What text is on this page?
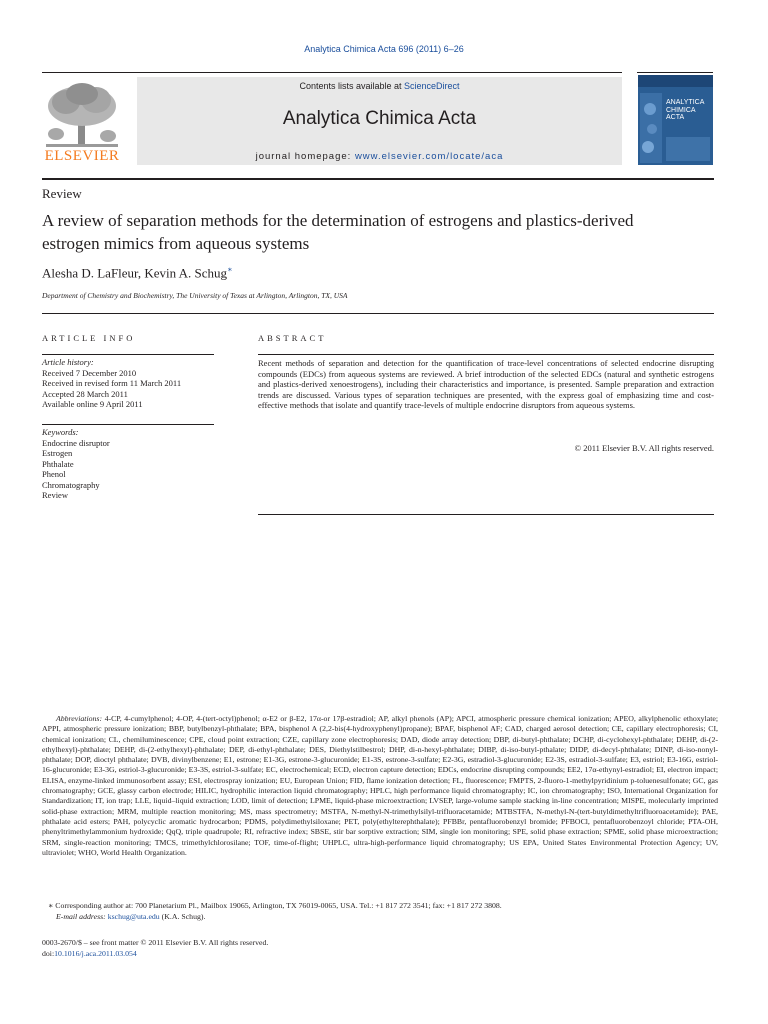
Analytica Chimica Acta 696 (2011) 6–26
ELSEVIER
Contents lists available at ScienceDirect
Analytica Chimica Acta
journal homepage: www.elsevier.com/locate/aca
ANALYTICA
CHIMICA ACTA
Review
A review of separation methods for the determination of estrogens and plastics-derived estrogen mimics from aqueous systems
Alesha D. LaFleur, Kevin A. Schug∗
Department of Chemistry and Biochemistry, The University of Texas at Arlington, Arlington, TX, USA
ARTICLE INFO	ABSTRACT
Article history:
Received 7 December 2010
Received in revised form 11 March 2011
Accepted 28 March 2011
Available online 9 April 2011
Keywords:
Endocrine disruptor
Estrogen
Phthalate
Phenol
Chromatography
Review
Recent methods of separation and detection for the quantification of trace-level concentrations of selected endocrine disrupting compounds (EDCs) from aqueous systems are reviewed. A brief introduction of the selected EDCs (natural and synthetic estrogens and plastics-derived xenoestrogens), including their characteristics and importance, is presented. Sample preparation and extraction trends are discussed. Various types of separation techniques are presented, with the express goal of emphasizing time and cost-effective methods that isolate and quantify trace-levels of multiple endocrine disruptors from aqueous systems.
© 2011 Elsevier B.V. All rights reserved.
Abbreviations: 4-CP, 4-cumylphenol; 4-OP, 4-(tert-octyl)phenol; α-E2 or β-E2, 17α-or 17β-estradiol; AP, alkyl phenols (AP); APCI, atmospheric pressure chemical ionization; APEO, alkylphenolic ethoxylate; APPI, atmospheric pressure ionization; BBP, butylbenzyl-phthalate; BPA, bisphenol A (2,2-bis(4-hydroxyphenyl)propane); BPAF, bisphenol AF; CAD, charged aerosol detection; CE, capillary electrophoresis; CI, chemical ionization; CL, chemiluminescence; CPE, cloud point extraction; CZE, capillary zone electrophoresis; DAD, diode array detection; DBP, di-butyl-phthalate; DCHP, di-cyclohexyl-phthalate; DEHP, di-(2-ethylhexyl)-phthalate; DEHP, di-(2-ethylhexyl)-phthalate; DEP, di-ethyl-phthalate; DES, Diethylstilbestrol; DHP, di-n-hexyl-phthalate; DIBP, di-iso-butyl-pthalate; DIDP, di-decyl-phthalate; DINP, di-iso-nonyl-phthalate; DOP, dioctyl phthalate; DVB, divinylbenzene; E1, estrone; E1-3G, estrone-3-glucuronide; E1-3S, estrone-3-sulfate; E2-3G, estradiol-3-glucuronide; E2-3S, estradiol-3-sulfate; E3, estriol; E3-16G, estriol-16-glucuronide; E3-3G, estriol-3-glucuronide; E3-3S, estriol-3-sulfate; EC, electrochemical; ECD, electron capture detection; EDCs, endocrine disrupting compounds; EE2, 17α-ethynyl-estradiol; EI, electron impact; ELISA, enzyme-linked immunosorbent assay; ESI, electrospray ionization; EU, European Union; FID, flame ionization detection; FL, fluorescence; FMPTS, 2-fluoro-1-methylpyridinium p-toluenesulfonate; GC, gas chromatography; GCE, glassy carbon electrode; HILIC, hydrophilic interaction liquid chromatography; HPLC, high performance liquid chromatography; IC, ion chromatography; ISO, International Organization for Standardization; IT, ion trap; LLE, liquid–liquid extraction; LOD, limit of detection; LPME, liquid-phase microextraction; LVSEP, large-volume sample stacking in-line concentration; MISPE, molecularly imprinted solid-phase extraction; MRM, multiple reaction monitoring; MS, mass spectrometry; MSTFA, N-methyl-N-trimethylsilyl-trifluoracetamide; MTBSTFA, N-methyl-N-(tert-butyldimethyltrifluoroacetamide); PAE, phthalate acid esters; PAH, polycyclic aromatic hydrocarbon; PDMS, polydimethylsiloxane; PET, poly(ethylterephthalate); PFBBr, pentafluorobenzyl bromide; PFBOCl, pentafluorobenzoyl chloride; PTA-OH, phenyltrimethylammonium hydroxide; QqQ, triple quadrupole; RI, refractive index; SBSE, stir bar sorptive extraction; SIM, single ion monitoring; SPE, solid phase extraction; SPME, solid phase microextraction; SRM, single-reaction monitoring; TMCS, trimethylchlorosilane; TOF, time-of-flight; UHPLC, ultra-high-performance liquid chromatography; US EPA, United States Environmental Protection Agency; UV, ultraviolet; WHO, World Health Organization.
∗ Corresponding author at: 700 Planetarium Pl., Mailbox 19065, Arlington, TX 76019-0065, USA. Tel.: +1 817 272 3541; fax: +1 817 272 3808.
E-mail address: kschug@uta.edu (K.A. Schug).
0003-2670/$ – see front matter © 2011 Elsevier B.V. All rights reserved.
doi:10.1016/j.aca.2011.03.054
